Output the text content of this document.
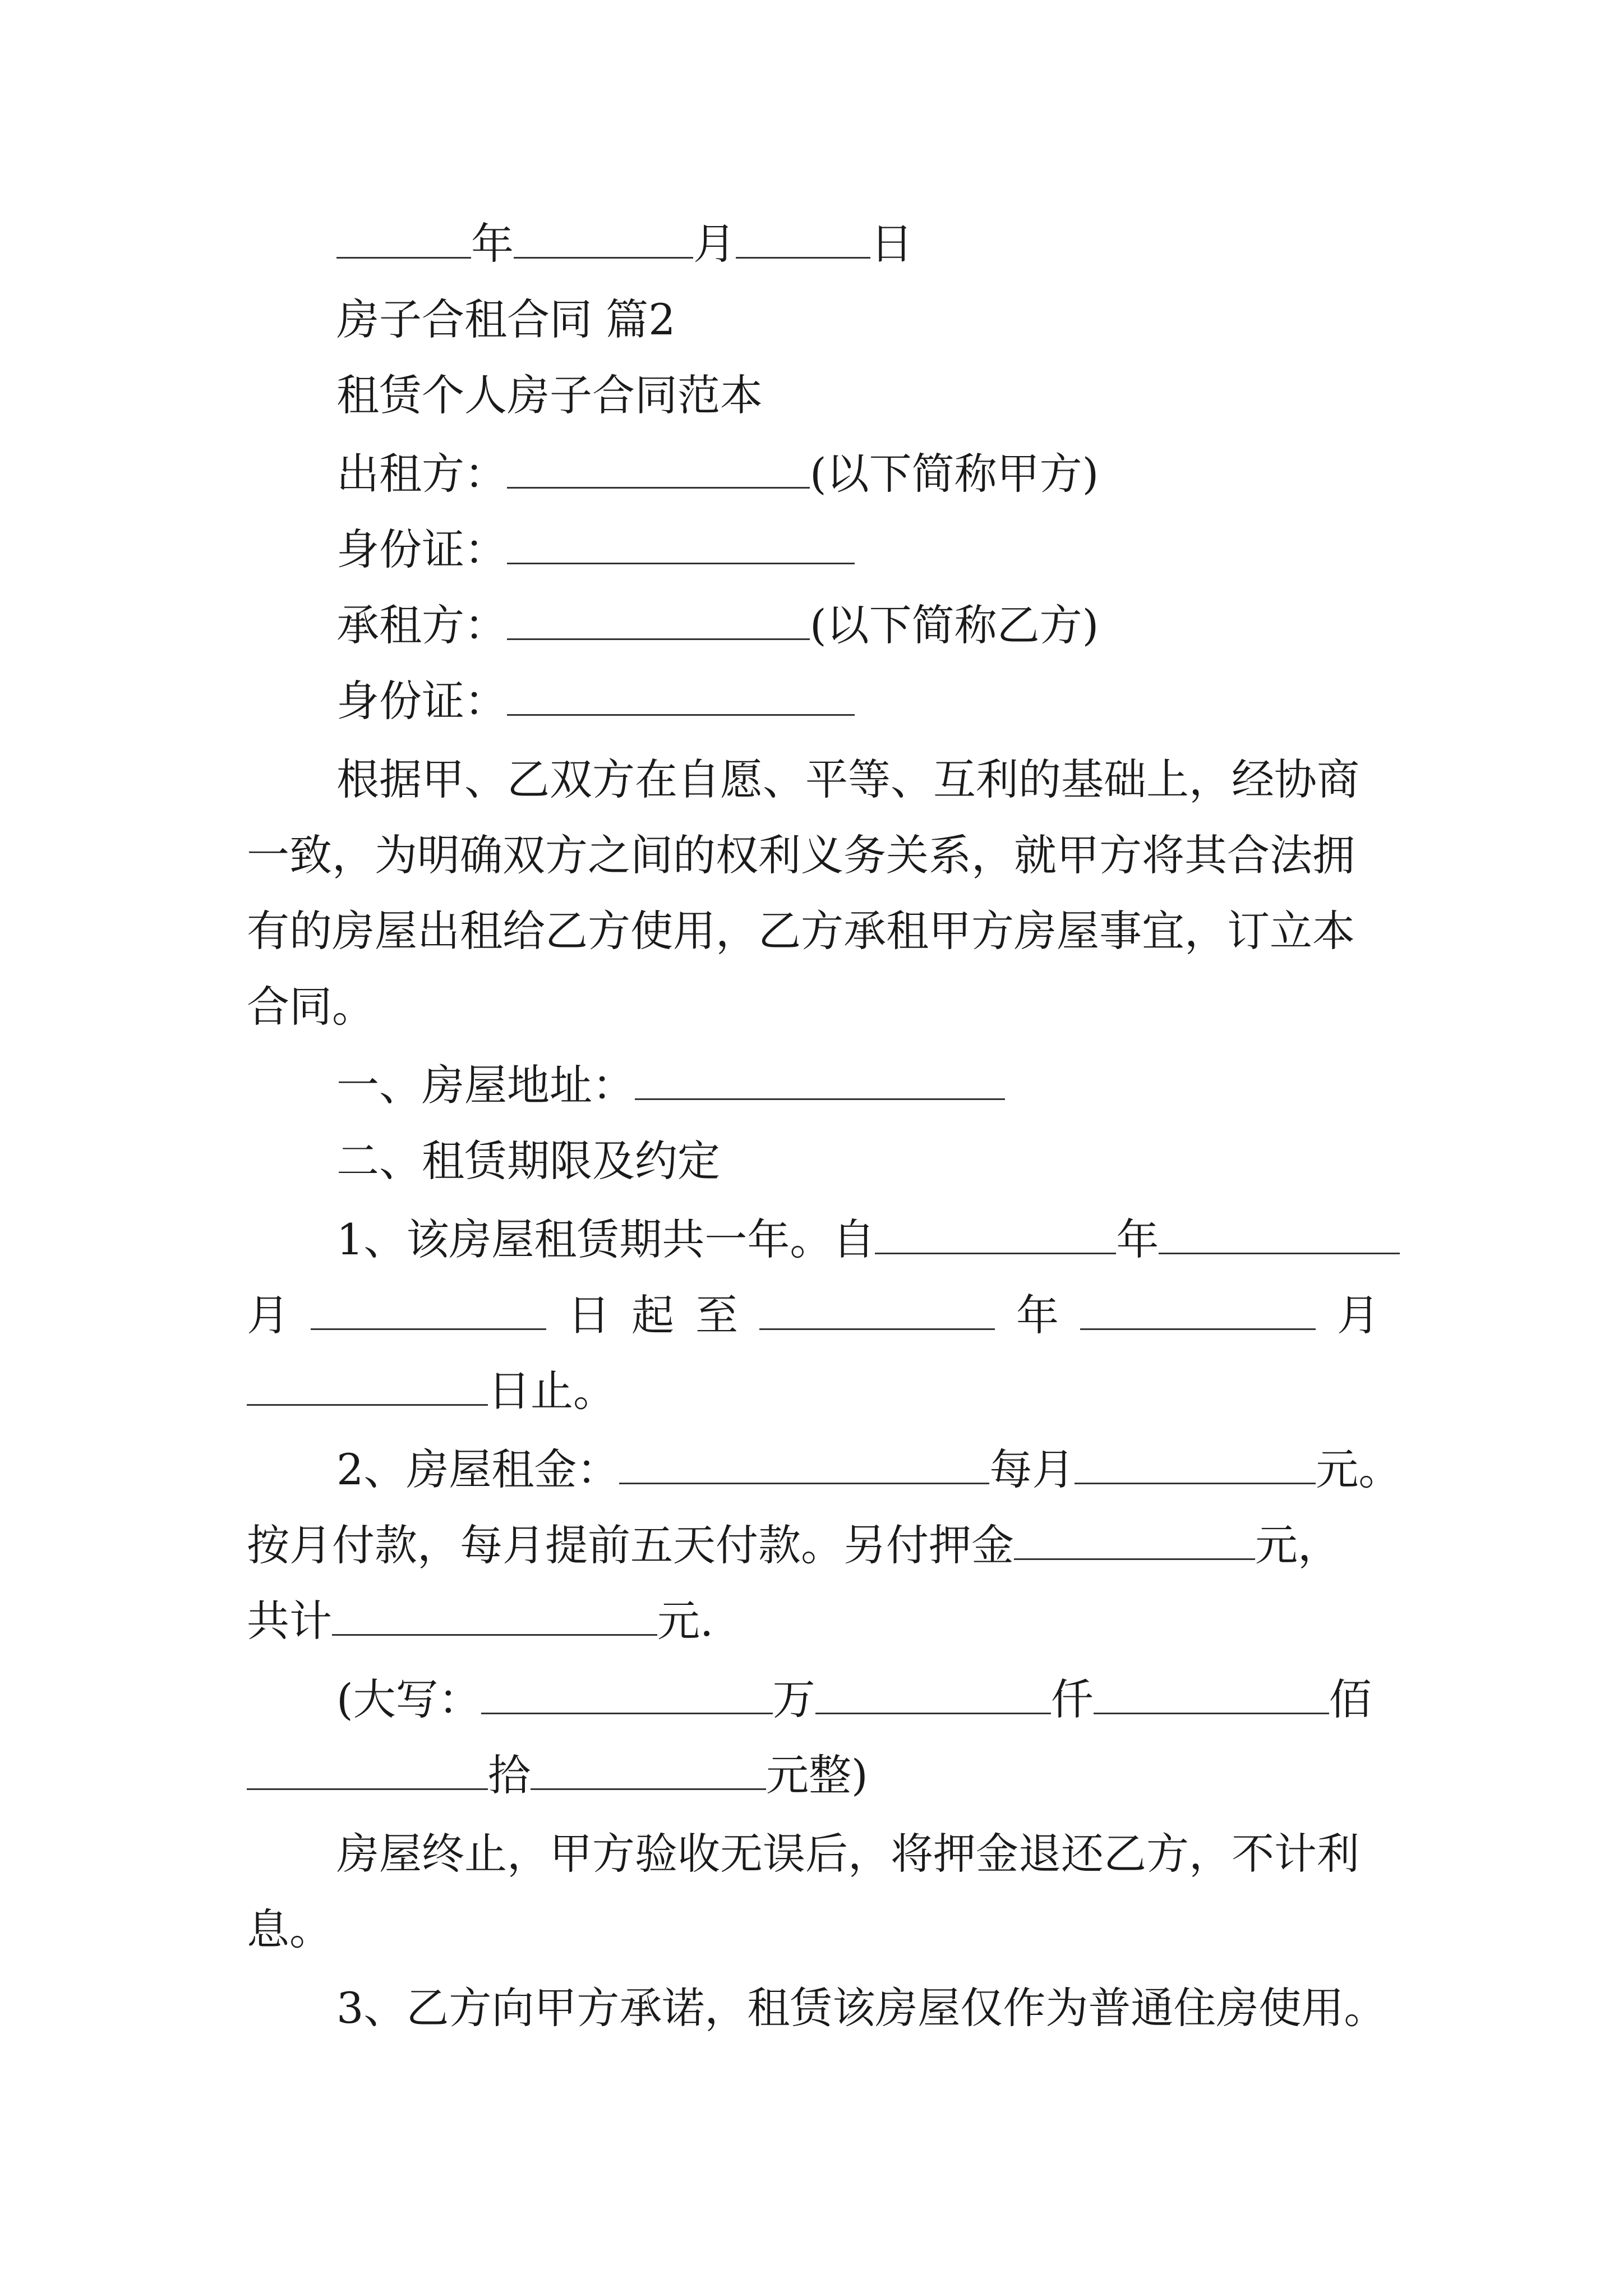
年	月	日
房子合租合同 篇2
租赁个人房子合同范本
出租方：	(以下简称甲方)
身份证：
承租方：	(以下简称乙方)
身份证：
根据甲、乙双方在自愿、平等、互利的基础上，经协商
一致，为明确双方之间的权利义务关系，就甲方将其合法拥
有的房屋出租给乙方使用，乙方承租甲方房屋事宜，订立本
合同。
一、房屋地址：
二、租赁期限及约定
1、该房屋租赁期共一年。自	年
月	日 起 至	年	月
日止。
2、房屋租金：	每月	元。
按月付款，每月提前五天付款。另付押金	元，
共计	元.
(大写：	万	仟	佰
拾	元整)
房屋终止，甲方验收无误后，将押金退还乙方，不计利
息。
3、乙方向甲方承诺，租赁该房屋仅作为普通住房使用。
